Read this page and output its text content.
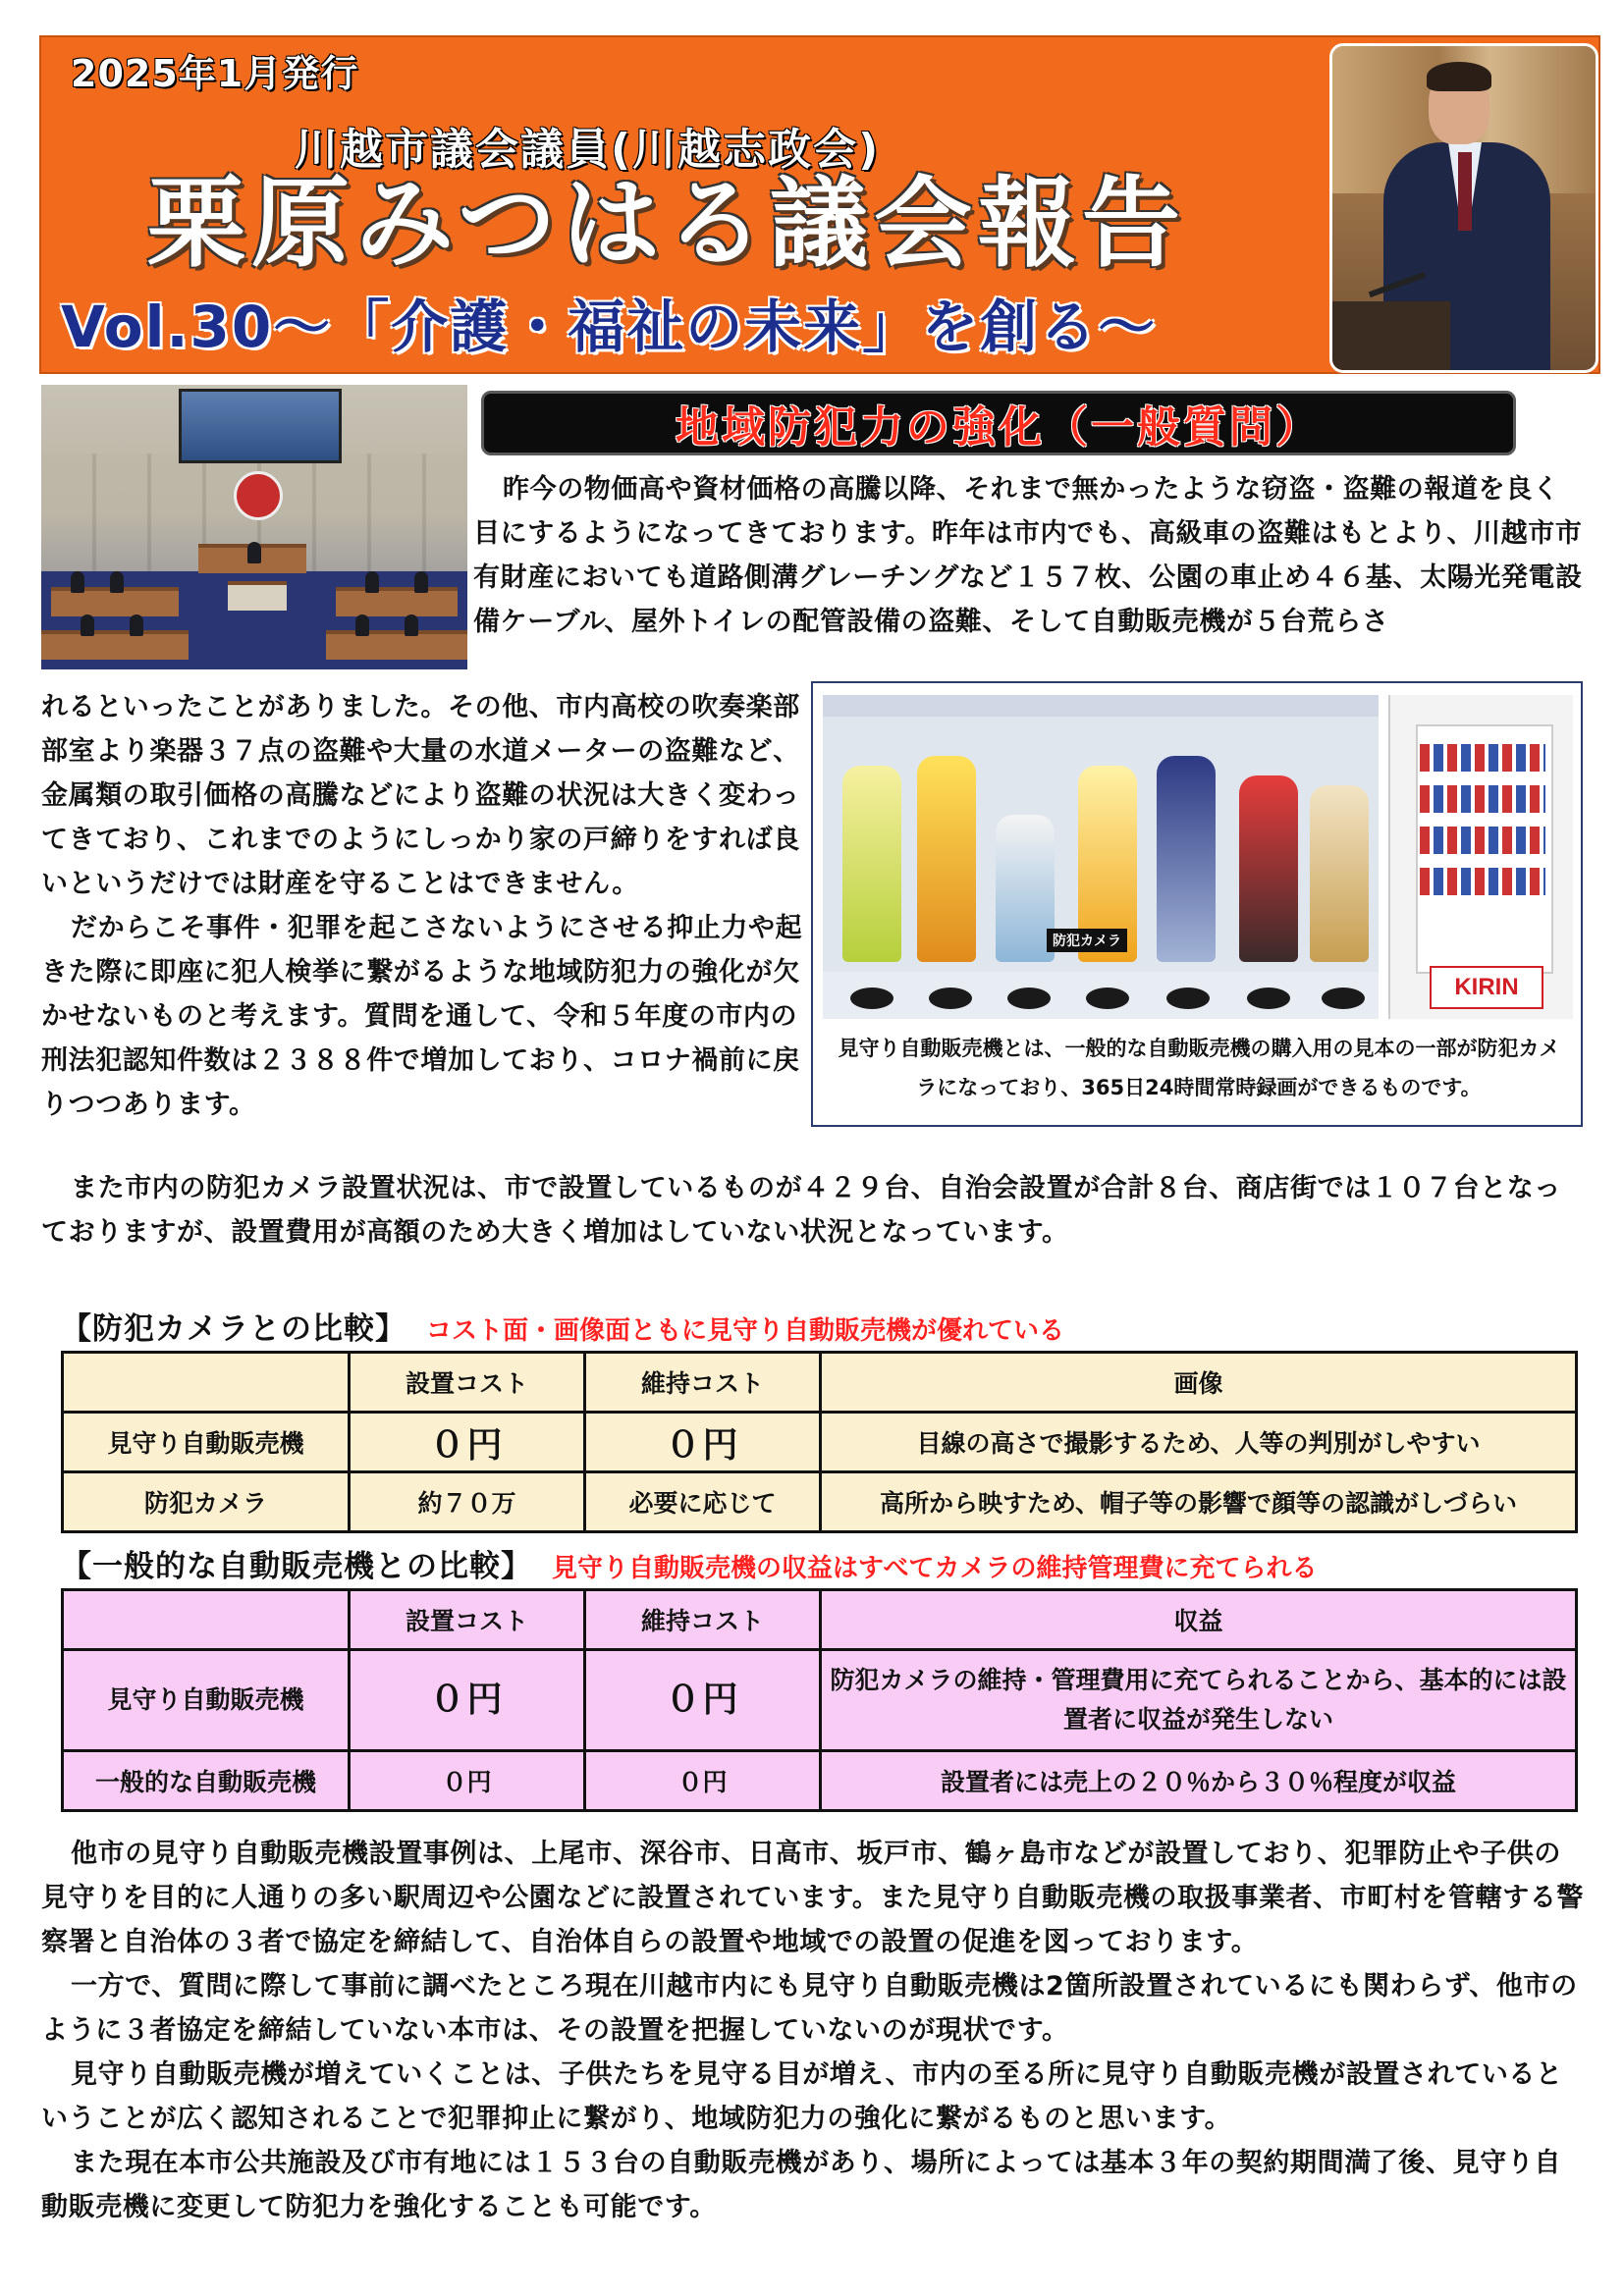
2025年1月発行
川越市議会議員(川越志政会)
栗原みつはる議会報告
Vol.30～「介護・福祉の未来」を創る～
地域防犯力の強化（一般質問）
昨今の物価高や資材価格の高騰以降、それまで無かったような窃盗・盗難の報道を良く目にするようになってきております。昨年は市内でも、高級車の盗難はもとより、川越市市有財産においても道路側溝グレーチングなど１５７枚、公園の車止め４６基、太陽光発電設備ケーブル、屋外トイレの配管設備の盗難、そして自動販売機が５台荒らさ
れるといったことがありました。その他、市内高校の吹奏楽部部室より楽器３７点の盗難や大量の水道メーターの盗難など、金属類の取引価格の高騰などにより盗難の状況は大きく変わってきており、これまでのようにしっかり家の戸締りをすれば良いというだけでは財産を守ることはできません。
だからこそ事件・犯罪を起こさないようにさせる抑止力や起きた際に即座に犯人検挙に繋がるような地域防犯力の強化が欠かせないものと考えます。質問を通して、令和５年度の市内の刑法犯認知件数は２３８８件で増加しており、コロナ禍前に戻りつつあります。
防犯カメラ
KIRIN
見守り自動販売機とは、一般的な自動販売機の購入用の見本の一部が防犯カメラになっており、365日24時間常時録画ができるものです。
また市内の防犯カメラ設置状況は、市で設置しているものが４２９台、自治会設置が合計８台、商店街では１０７台となっておりますが、設置費用が高額のため大きく増加はしていない状況となっています。
【防犯カメラとの比較】 コスト面・画像面ともに見守り自動販売機が優れている
	設置コスト	維持コスト	画像
見守り自動販売機	０円	０円	目線の高さで撮影するため、人等の判別がしやすい
防犯カメラ	約７０万	必要に応じて	高所から映すため、帽子等の影響で顔等の認識がしづらい
【一般的な自動販売機との比較】 見守り自動販売機の収益はすべてカメラの維持管理費に充てられる
	設置コスト	維持コスト	収益
見守り自動販売機	０円	０円	防犯カメラの維持・管理費用に充てられることから、基本的には設置者に収益が発生しない
一般的な自動販売機	０円	０円	設置者には売上の２０％から３０％程度が収益
他市の見守り自動販売機設置事例は、上尾市、深谷市、日高市、坂戸市、鶴ヶ島市などが設置しており、犯罪防止や子供の見守りを目的に人通りの多い駅周辺や公園などに設置されています。また見守り自動販売機の取扱事業者、市町村を管轄する警察署と自治体の３者で協定を締結して、自治体自らの設置や地域での設置の促進を図っております。
一方で、質問に際して事前に調べたところ現在川越市内にも見守り自動販売機は2箇所設置されているにも関わらず、他市のように３者協定を締結していない本市は、その設置を把握していないのが現状です。
見守り自動販売機が増えていくことは、子供たちを見守る目が増え、市内の至る所に見守り自動販売機が設置されているということが広く認知されることで犯罪抑止に繋がり、地域防犯力の強化に繋がるものと思います。
また現在本市公共施設及び市有地には１５３台の自動販売機があり、場所によっては基本３年の契約期間満了後、見守り自動販売機に変更して防犯力を強化することも可能です。
